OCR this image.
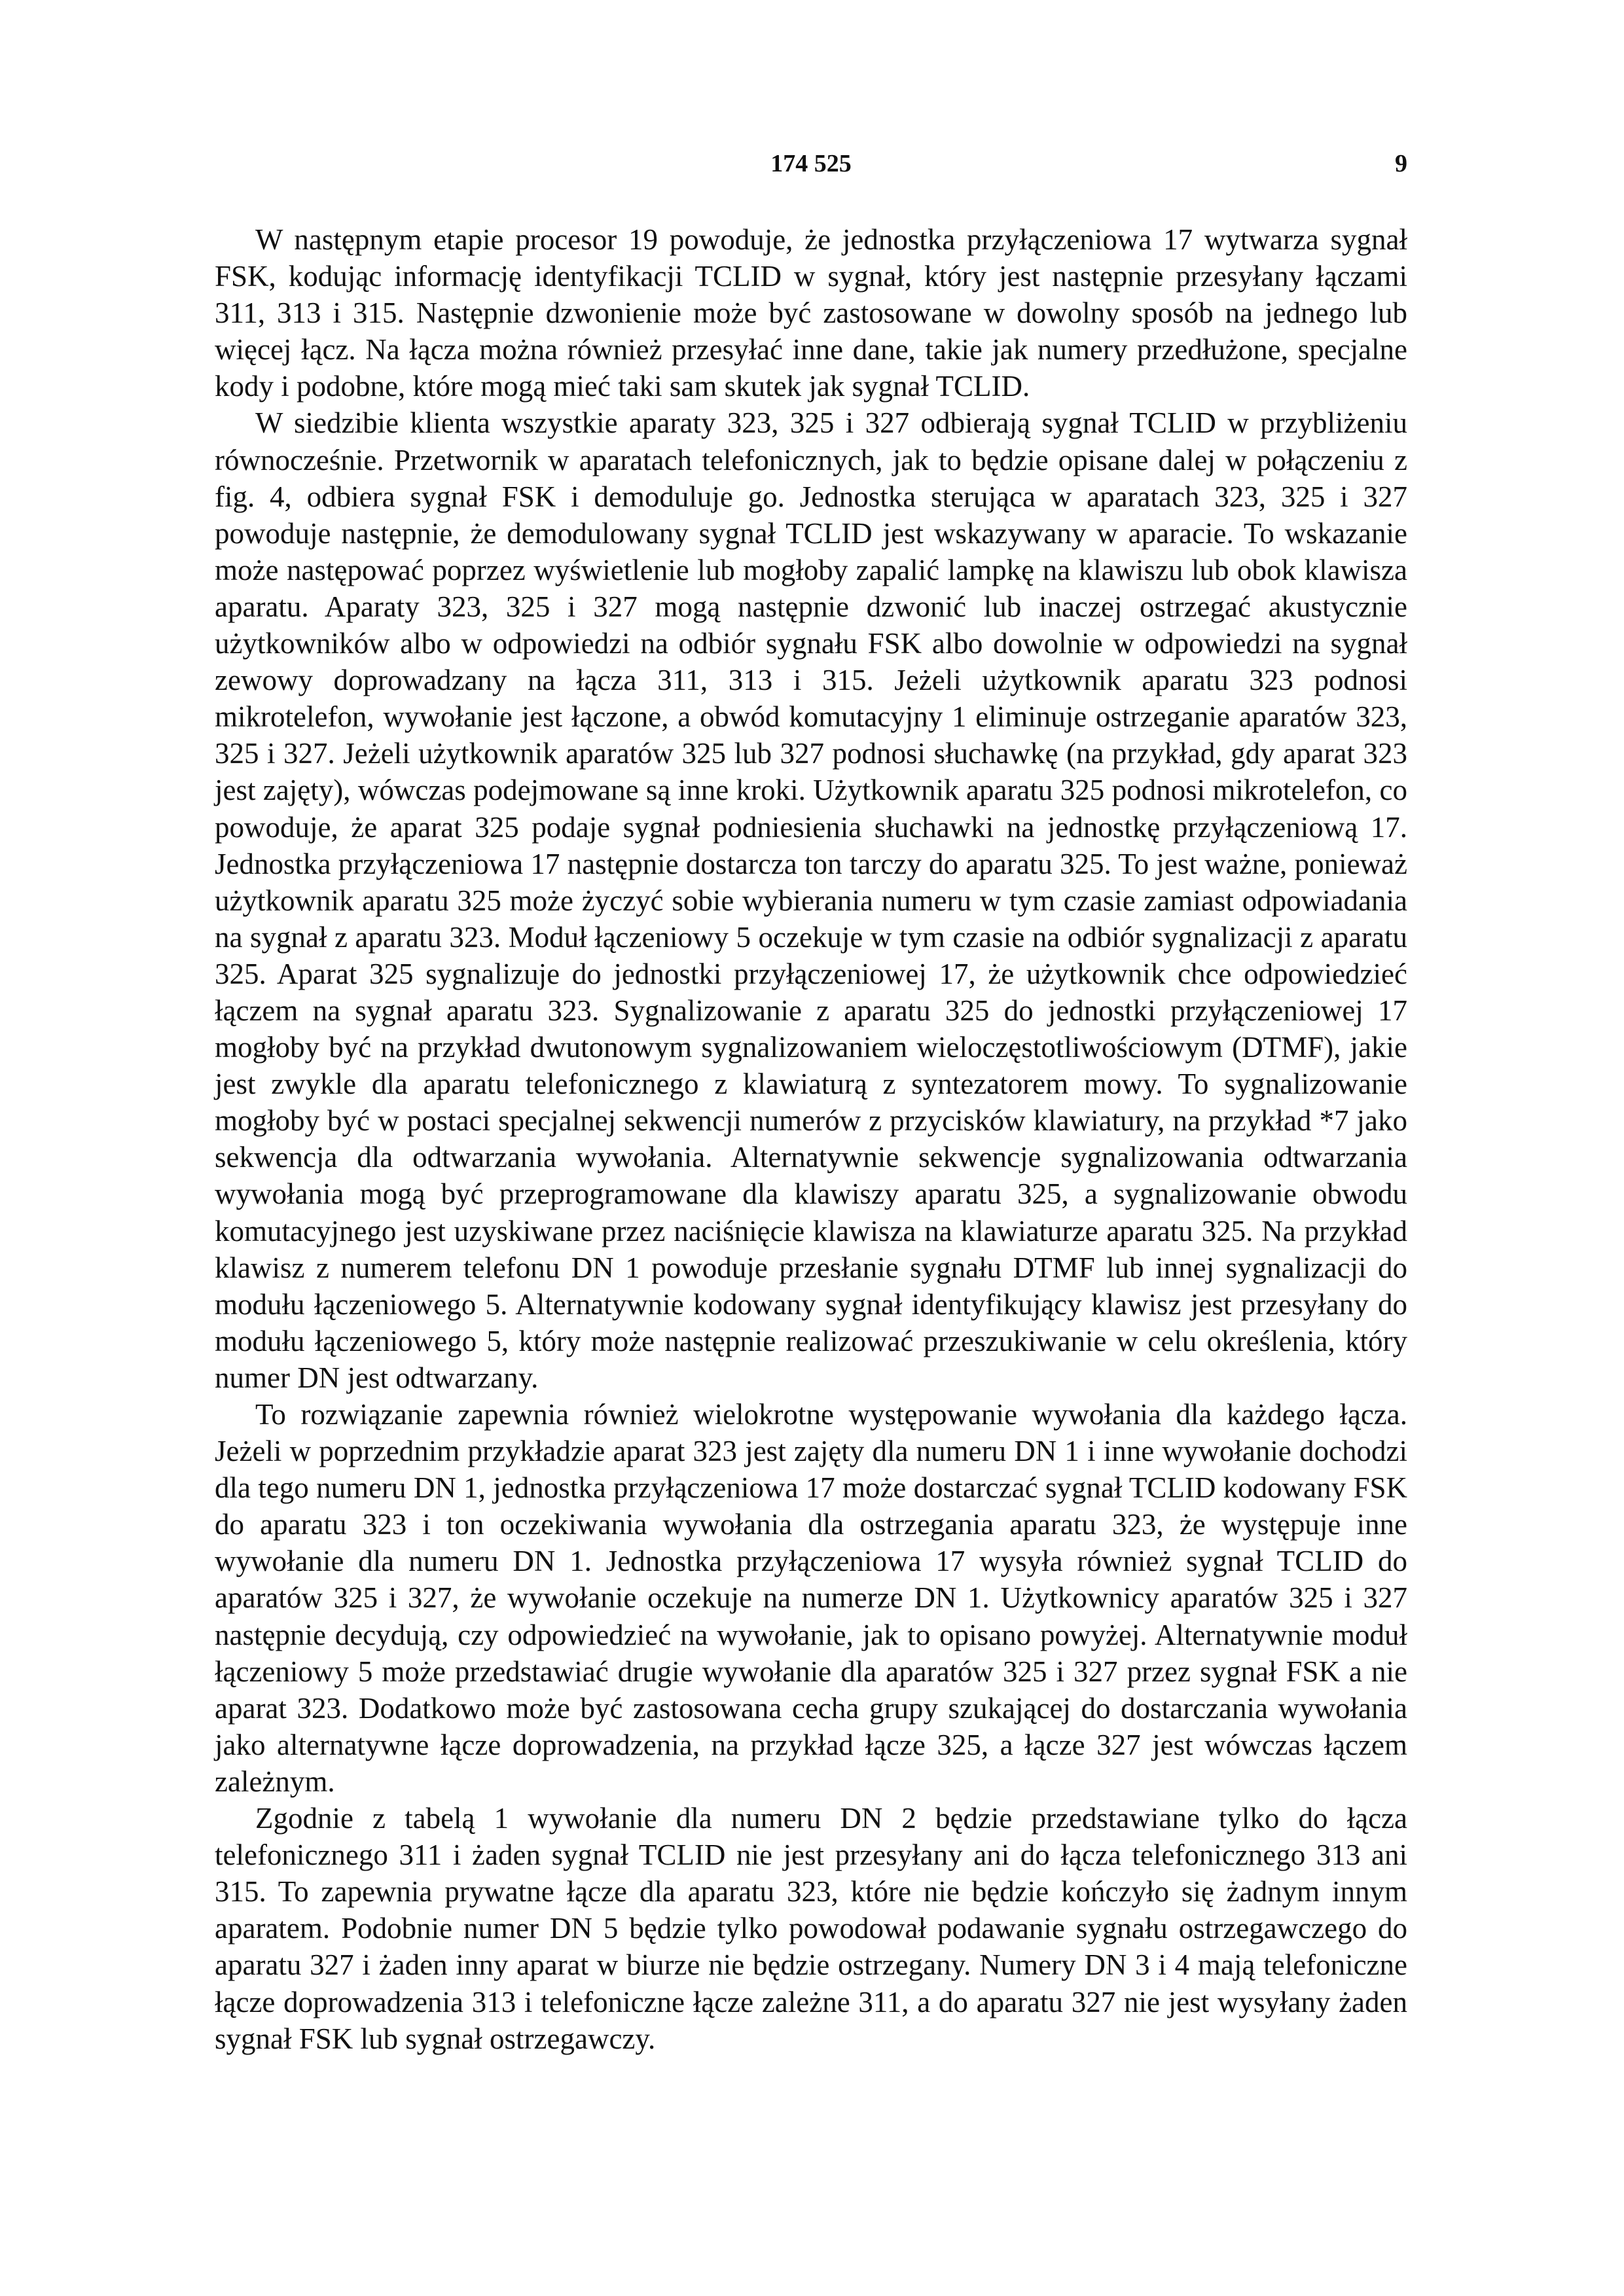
174 525	9

W następnym etapie procesor 19 powoduje, że jednostka przyłączeniowa 17 wytwarza sygnał FSK, kodując informację identyfikacji TCLID w sygnał, który jest następnie przesyłany łączami 311, 313 i 315. Następnie dzwonienie może być zastosowane w dowolny sposób na jednego lub więcej łącz. Na łącza można również przesyłać inne dane, takie jak numery przedłużone, specjalne kody i podobne, które mogą mieć taki sam skutek jak sygnał TCLID.

W siedzibie klienta wszystkie aparaty 323, 325 i 327 odbierają sygnał TCLID w przybliżeniu równocześnie. Przetwornik w aparatach telefonicznych, jak to będzie opisane dalej w połączeniu z fig. 4, odbiera sygnał FSK i demoduluje go. Jednostka sterująca w aparatach 323, 325 i 327 powoduje następnie, że demodulowany sygnał TCLID jest wskazywany w aparacie. To wskazanie może następować poprzez wyświetlenie lub mogłoby zapalić lampkę na klawiszu lub obok klawisza aparatu. Aparaty 323, 325 i 327 mogą następnie dzwonić lub inaczej ostrzegać akustycznie użytkowników albo w odpowiedzi na odbiór sygnału FSK albo dowolnie w odpowiedzi na sygnał zewowy doprowadzany na łącza 311, 313 i 315. Jeżeli użytkownik aparatu 323 podnosi mikrotelefon, wywołanie jest łączone, a obwód komutacyjny 1 eliminuje ostrzeganie aparatów 323, 325 i 327. Jeżeli użytkownik aparatów 325 lub 327 podnosi słuchawkę (na przykład, gdy aparat 323 jest zajęty), wówczas podejmowane są inne kroki. Użytkownik aparatu 325 podnosi mikrotelefon, co powoduje, że aparat 325 podaje sygnał podniesienia słuchawki na jednostkę przyłączeniową 17. Jednostka przyłączeniowa 17 następnie dostarcza ton tarczy do aparatu 325. To jest ważne, ponieważ użytkownik aparatu 325 może życzyć sobie wybierania numeru w tym czasie zamiast odpowiadania na sygnał z aparatu 323. Moduł łączeniowy 5 oczekuje w tym czasie na odbiór sygnalizacji z aparatu 325. Aparat 325 sygnalizuje do jednostki przyłączeniowej 17, że użytkownik chce odpowiedzieć łączem na sygnał aparatu 323. Sygnalizowanie z aparatu 325 do jednostki przyłączeniowej 17 mogłoby być na przykład dwutonowym sygnalizowaniem wieloczęstotliwościowym (DTMF), jakie jest zwykle dla aparatu telefonicznego z klawiaturą z syntezatorem mowy. To sygnalizowanie mogłoby być w postaci specjalnej sekwencji numerów z przycisków klawiatury, na przykład *7 jako sekwencja dla odtwarzania wywołania. Alternatywnie sekwencje sygnalizowania odtwarzania wywołania mogą być przeprogramowane dla klawiszy aparatu 325, a sygnalizowanie obwodu komutacyjnego jest uzyskiwane przez naciśnięcie klawisza na klawiaturze aparatu 325. Na przykład klawisz z numerem telefonu DN 1 powoduje przesłanie sygnału DTMF lub innej sygnalizacji do modułu łączeniowego 5. Alternatywnie kodowany sygnał identyfikujący klawisz jest przesyłany do modułu łączeniowego 5, który może następnie realizować przeszukiwanie w celu określenia, który numer DN jest odtwarzany.

To rozwiązanie zapewnia również wielokrotne występowanie wywołania dla każdego łącza. Jeżeli w poprzednim przykładzie aparat 323 jest zajęty dla numeru DN 1 i inne wywołanie dochodzi dla tego numeru DN 1, jednostka przyłączeniowa 17 może dostarczać sygnał TCLID kodowany FSK do aparatu 323 i ton oczekiwania wywołania dla ostrzegania aparatu 323, że występuje inne wywołanie dla numeru DN 1. Jednostka przyłączeniowa 17 wysyła również sygnał TCLID do aparatów 325 i 327, że wywołanie oczekuje na numerze DN 1. Użytkownicy aparatów 325 i 327 następnie decydują, czy odpowiedzieć na wywołanie, jak to opisano powyżej. Alternatywnie moduł łączeniowy 5 może przedstawiać drugie wywołanie dla aparatów 325 i 327 przez sygnał FSK a nie aparat 323. Dodatkowo może być zastosowana cecha grupy szukającej do dostarczania wywołania jako alternatywne łącze doprowadzenia, na przykład łącze 325, a łącze 327 jest wówczas łączem zależnym.

Zgodnie z tabelą 1 wywołanie dla numeru DN 2 będzie przedstawiane tylko do łącza telefonicznego 311 i żaden sygnał TCLID nie jest przesyłany ani do łącza telefonicznego 313 ani 315. To zapewnia prywatne łącze dla aparatu 323, które nie będzie kończyło się żadnym innym aparatem. Podobnie numer DN 5 będzie tylko powodował podawanie sygnału ostrzegawczego do aparatu 327 i żaden inny aparat w biurze nie będzie ostrzegany. Numery DN 3 i 4 mają telefoniczne łącze doprowadzenia 313 i telefoniczne łącze zależne 311, a do aparatu 327 nie jest wysyłany żaden sygnał FSK lub sygnał ostrzegawczy.
